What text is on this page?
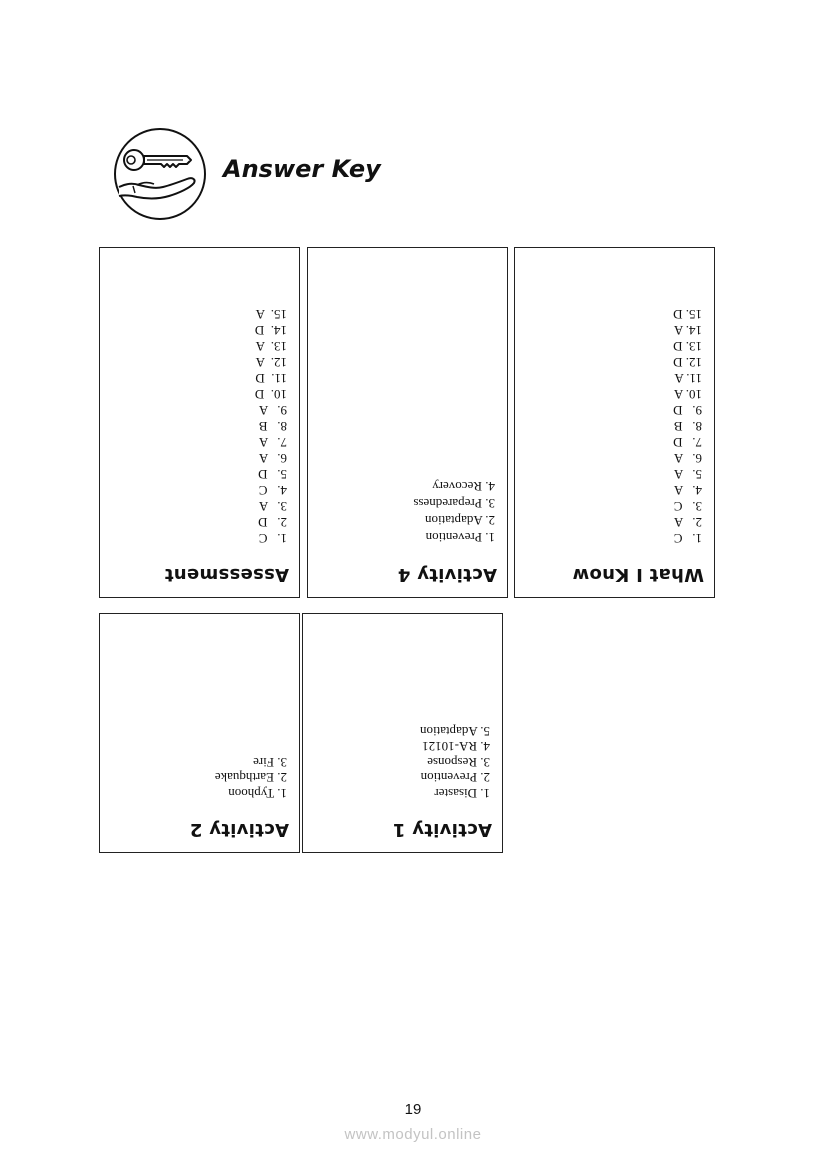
Answer Key
What I Know
1.   C
2.   A
3.   C
4.   A
5.   A
6.   A
7.   D
8.   B
9.   D
10. A
11. A
12. D
13. D
14. A
15. D
Activity 4
1. Prevention
2. Adaptation
3. Preparedness
4. Recovery
Assessment
1.   C
2.   D
3.   A
4.   C
5.   D
6.   A
7.   A
8.   B
9.   A
10.  D
11.  D
12.  A
13.  A
14.  D
15.  A
Activity 1
1. Disaster
2. Prevention
3. Response
4. RA-10121
5. Adaptation
Activity 2
1. Typhoon
2. Earthquake
3. Fire
19
www.modyul.online
